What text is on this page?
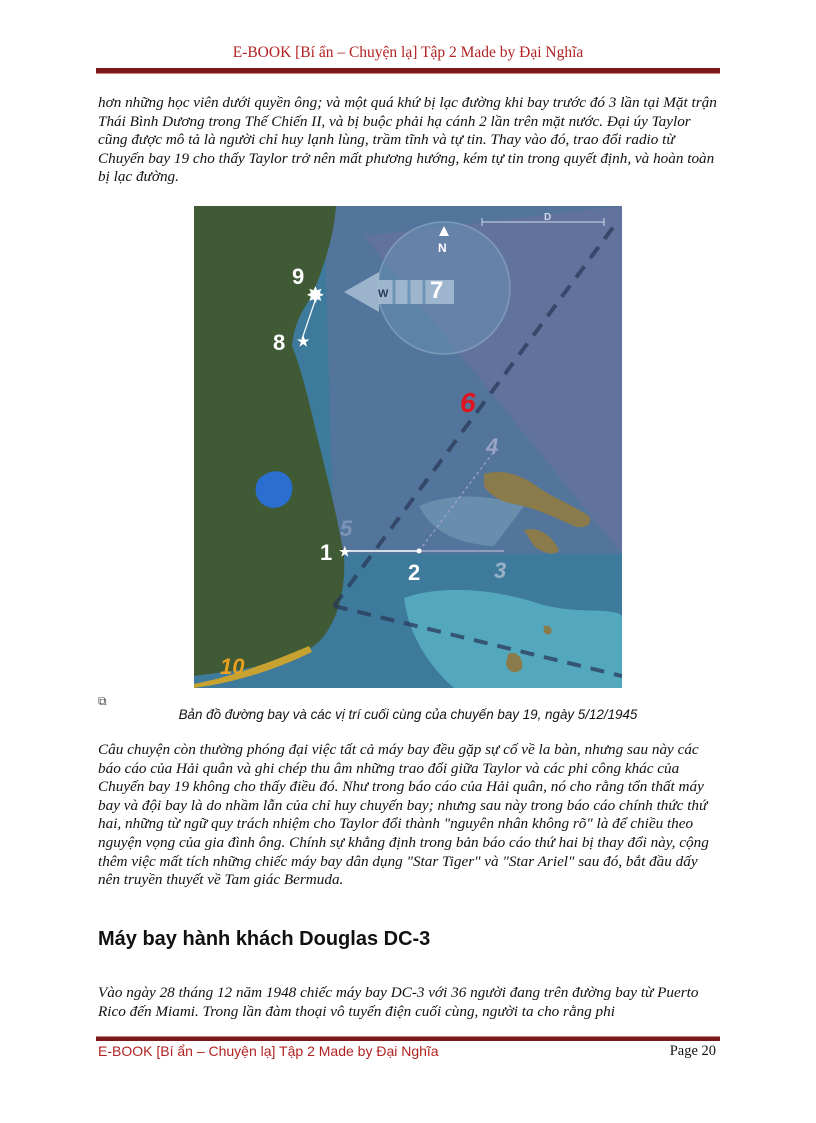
E-BOOK [Bí ẩn – Chuyện lạ] Tập 2 Made by Đại Nghĩa
hơn những học viên dưới quyền ông; và một quá khứ bị lạc đường khi bay trước đó 3 lần tại Mặt trận Thái Bình Dương trong Thế Chiến II, và bị buộc phải hạ cánh 2 lần trên mặt nước. Đại úy Taylor cũng được mô tả là người chỉ huy lạnh lùng, trầm tĩnh và tự tin. Thay vào đó, trao đổi radio từ Chuyến bay 19 cho thấy Taylor trở nên mất phương hướng, kém tự tin trong quyết định, và hoàn toàn bị lạc đường.
★
★
✸
D
N
W 7
9
8
6
4
5
1
2	3
10
⧉
Bản đồ đường bay và các vị trí cuối cùng của chuyến bay 19, ngày 5/12/1945
Câu chuyện còn thường phóng đại việc tất cả máy bay đều gặp sự cố về la bàn, nhưng sau này các báo cáo của Hải quân và ghi chép thu âm những trao đổi giữa Taylor và các phi công khác của Chuyến bay 19 không cho thấy điều đó. Như trong báo cáo của Hải quân, nó cho rằng tổn thất máy bay và đội bay là do nhầm lẫn của chỉ huy chuyến bay; nhưng sau này trong báo cáo chính thức thứ hai, những từ ngữ quy trách nhiệm cho Taylor đổi thành "nguyên nhân không rõ" là để chiều theo nguyện vọng của gia đình ông. Chính sự khẳng định trong bản báo cáo thứ hai bị thay đổi này, cộng thêm việc mất tích những chiếc máy bay dân dụng "Star Tiger" và "Star Ariel" sau đó, bắt đầu dấy nên truyền thuyết về Tam giác Bermuda.
Máy bay hành khách Douglas DC-3
Vào ngày 28 tháng 12 năm 1948 chiếc máy bay DC-3 với 36 người đang trên đường bay từ Puerto Rico đến Miami. Trong lần đàm thoại vô tuyến điện cuối cùng, người ta cho rằng phi
E-BOOK [Bí ẩn – Chuyện lạ] Tập 2 Made by Đại Nghĩa	Page 20
